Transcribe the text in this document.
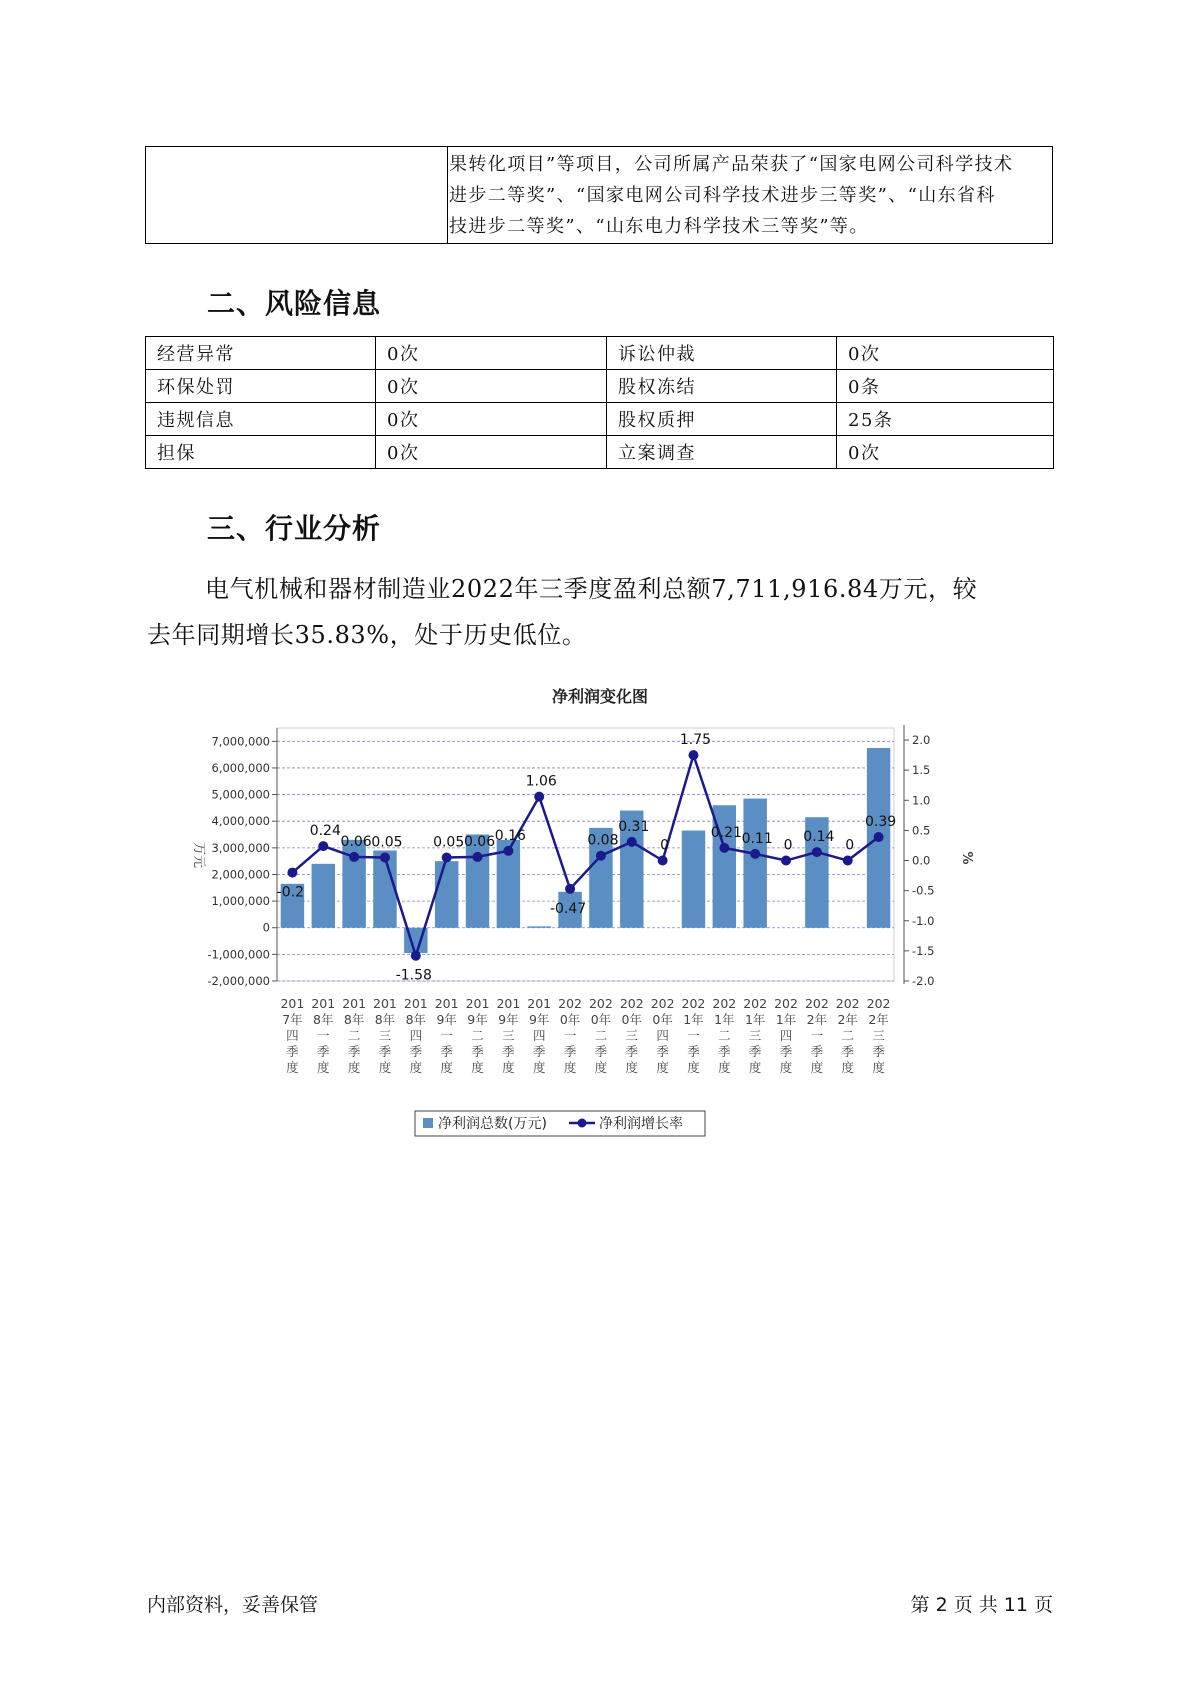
果转化项目”等项目，公司所属产品荣获了“国家电网公司科学技术
进步二等奖”、“国家电网公司科学技术进步三等奖”、“山东省科
技进步二等奖”、“山东电力科学技术三等奖”等。
二、风险信息
经营异常	0次	诉讼仲裁	0次
环保处罚	0次	股权冻结	0条
违规信息	0次	股权质押	25条
担保	0次	立案调查	0次
三、行业分析
电气机械和器材制造业2022年三季度盈利总额7,711,916.84万元，较
去年同期增长35.83%，处于历史低位。
净利润变化图
7,000,000
6,000,000
5,000,000
4,000,000
3,000,000
2,000,000
1,000,000
0
-1,000,000
-2,000,000
2.0
1.5
1.0
0.5
0.0
-0.5
-1.0
-1.5
-2.0
万元	%
-0.2
0.24
0.06 0.05
-1.58
0.05 0.06 0.16
1.06
-0.47
0.08
0.31
0
1.75
0.21 0.11 0
0.14
0
0.39
201 7年四季度
201 8年一季度
201 8年二季度
201 8年三季度
201 8年四季度
201 9年一季度
201 9年二季度
201 9年三季度
201 9年四季度
202 0年一季度
202 0年二季度
202 0年三季度
202 0年四季度
202 1年一季度
202 1年二季度
202 1年三季度
202 1年四季度
202 2年一季度
202 2年二季度
202 2年三季度
净利润总数(万元)	净利润增长率
内部资料，妥善保管	第 2 页 共 11 页
